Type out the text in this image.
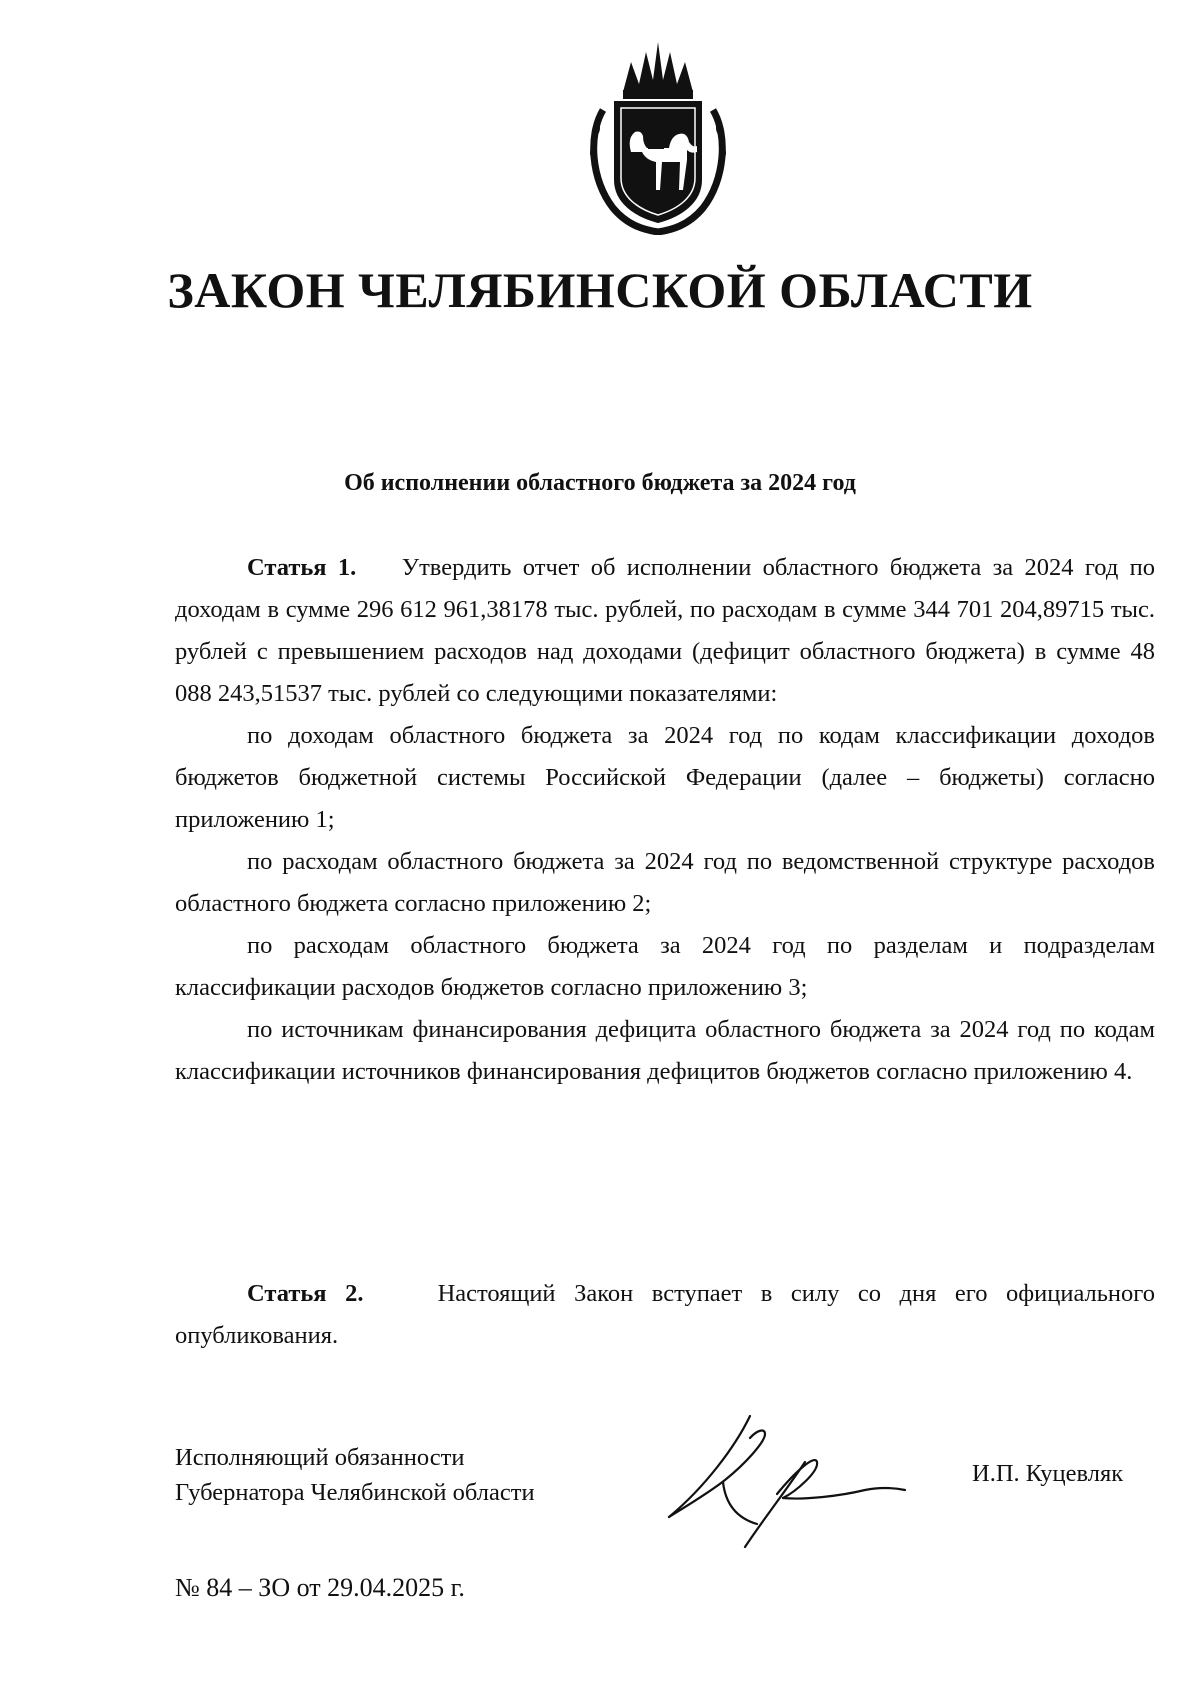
ЗАКОН ЧЕЛЯБИНСКОЙ ОБЛАСТИ
Об исполнении областного бюджета за 2024 год

Статья 1. Утвердить отчет об исполнении областного бюджета за 2024 год по доходам в сумме 296 612 961,38178 тыс. рублей, по расходам в сумме 344 701 204,89715 тыс. рублей с превышением расходов над доходами (дефицит областного бюджета) в сумме 48 088 243,51537 тыс. рублей со следующими показателями:

по доходам областного бюджета за 2024 год по кодам классификации доходов бюджетов бюджетной системы Российской Федерации (далее – бюджеты) согласно приложению 1;

по расходам областного бюджета за 2024 год по ведомственной структуре расходов областного бюджета согласно приложению 2;

по расходам областного бюджета за 2024 год по разделам и подразделам классификации расходов бюджетов согласно приложению 3;

по источникам финансирования дефицита областного бюджета за 2024 год по кодам классификации источников финансирования дефицитов бюджетов согласно приложению 4.

Статья 2.	Настоящий Закон вступает в силу со дня его официального опубликования.

Исполняющий обязанности
Губернатора Челябинской области
И.П. Куцевляк
№ 84 – ЗО от 29.04.2025 г.
